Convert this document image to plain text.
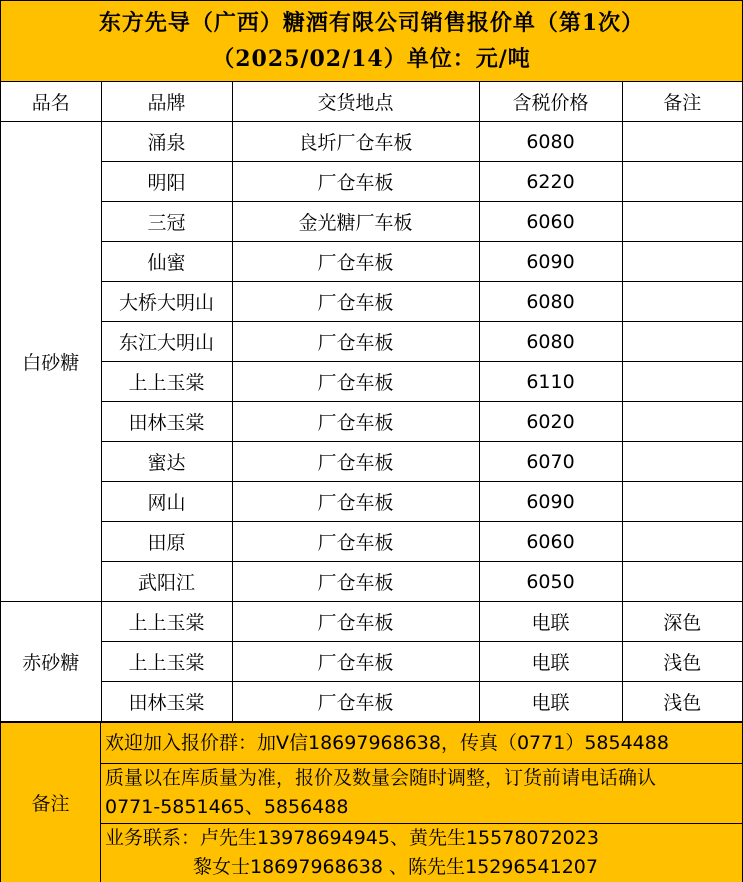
东方先导（广西）糖酒有限公司销售报价单（第1次）
（2025/02/14）单位：元/吨
品名	品牌	交货地点	含税价格	备注
白砂糖	涌泉	良圻厂仓车板	6080	
	明阳	厂仓车板	6220	
	三冠	金光糖厂车板	6060	
	仙蜜	厂仓车板	6090	
	大桥大明山	厂仓车板	6080	
	东江大明山	厂仓车板	6080	
	上上玉棠	厂仓车板	6110	
	田林玉棠	厂仓车板	6020	
	蜜达	厂仓车板	6070	
	网山	厂仓车板	6090	
	田原	厂仓车板	6060	
	武阳江	厂仓车板	6050	
赤砂糖	上上玉棠	厂仓车板	电联	深色
	上上玉棠	厂仓车板	电联	浅色
	田林玉棠	厂仓车板	电联	浅色
备注
欢迎加入报价群：加V信18697968638，传真（0771）5854488
质量以在库质量为准，报价及数量会随时调整，订货前请电话确认
0771-5851465、5856488
业务联系：卢先生13978694945、黄先生15578072023
黎女士18697968638 、陈先生15296541207
